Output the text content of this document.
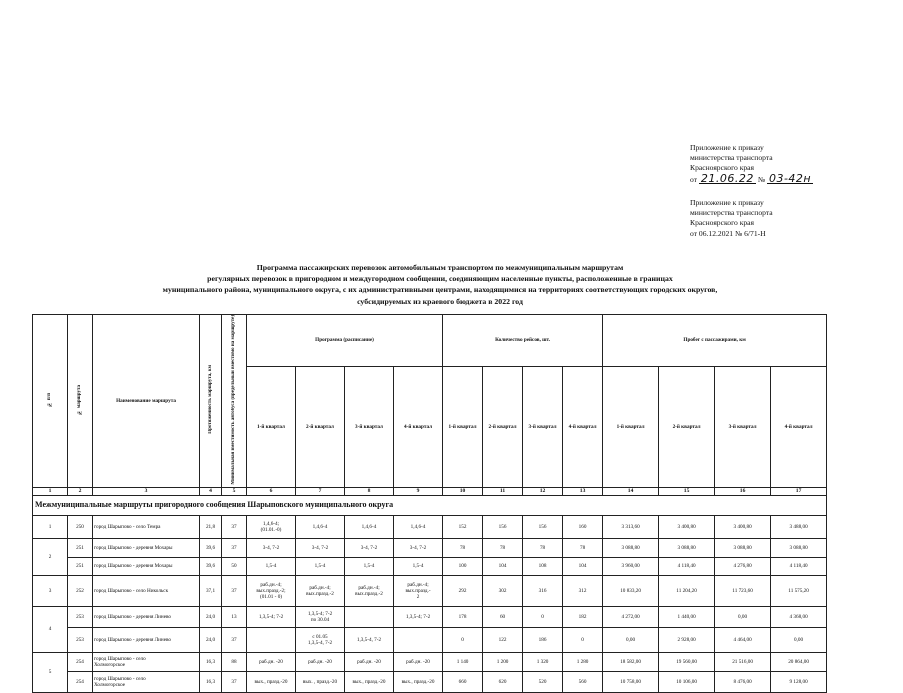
Приложение к приказу
министерства транспорта
Красноярского края
от 21.06.22 № 03-42н
Приложение к приказу
министерства транспорта
Красноярского края
от 06.12.2021 № 6/71-Н
Программа пассажирских перевозок автомобильным транспортом по межмуниципальным маршрутам
регулярных перевозок в пригородном и междугородном сообщении, соединяющим населенные пункты, расположенные в границах
муниципального района, муниципального округа, с их административными центрами, находящимися на территориях соответствующих городских округов,
субсидируемых из краевого бюджета в 2022 год
№ п/п	№ маршрута	Наименование маршрута	Протяженность маршрута, км	Минимальная вместимость автобуса (предельный вместимо на маршруте)	Программа (расписание)				Количество рейсов, шт.				Пробег с пассажирами, км			
					1-й квартал	2-й квартал	3-й квартал	4-й квартал	1-й квартал	2-й квартал	3-й квартал	4-й квартал	1-й квартал	2-й квартал	3-й квартал	4-й квартал
1	2	3	4	5	6	7	8	9	10	11	12	13	14	15	16	17
Межмуниципальные маршруты пригородного сообщения Шарыповского муниципального округа																
1	250	город Шарыпово - село Темра	21,8	37	1,4,6-4;
(01.01.-0)	1,4,6-4	1,4,6-4	1,4,6-4	152	156	156	160	3 313,60	3 400,80	3 400,80	3 488,00
2	251	город Шарыпово - деревня Мохары	39,6	37	3-4, 7-2	3-4, 7-2	3-4, 7-2	3-4, 7-2	78	78	78	78	3 088,80	3 088,80	3 088,80	3 088,80
	251	город Шарыпово - деревня Мохары	39,6	50	1,5-4	1,5-4	1,5-4	1,5-4	100	104	108	104	3 960,00	4 118,40	4 276,80	4 118,40
3	252	город Шарыпово - село Никольск	37,1	37	раб.дн.-4;
вых.празд.-2;
(01.01 - 0)	раб.дн.-4;
вых.празд.-2	раб.дн.-4;
вых.празд.-2	раб.дн.-4; вых.празд.-
2	292	302	316	312	10 833,20	11 204,20	11 723,60	11 575,20
4	253	город Шарыпово - деревня Линево	24,0	13	1,3,5-4; 7-2	1,3,5-4; 7-2
по 30.04		1,3,5-4; 7-2	178	60	0	182	4 272,00	1 440,00	0,00	4 368,00
	253	город Шарыпово - деревня Линево	24,0	37		с 01.05
1,3,5-4, 7-2	1,3,5-4, 7-2		0	122	186	0	0,00	2 928,00	4 464,00	0,00
5	254	город Шарыпово - село
Холмогорское	16,3	88	раб.дн. -20	раб.дн. -20	раб.дн. -20	раб.дн. -20	1 140	1 200	1 320	1 280	18 582,00	19 560,00	21 516,00	20 864,00
	254	город Шарыпово - село
Холмогорское	16,3	37	вых., празд.-20	вых. , празд.-20	вых., празд.-20	вых., празд.-20	660	620	520	560	10 758,00	10 106,00	8 476,00	9 128,00
